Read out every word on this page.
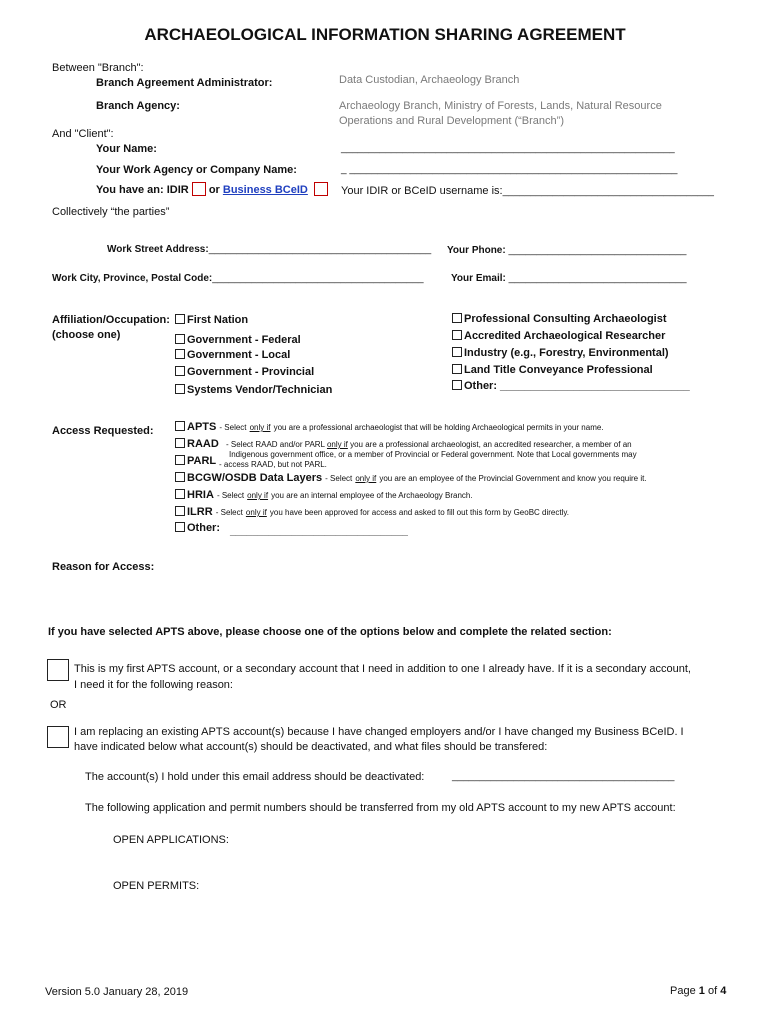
ARCHAEOLOGICAL INFORMATION SHARING AGREEMENT
Between "Branch":
Branch Agreement Administrator:	Data Custodian, Archaeology Branch
Branch Agency:	Archaeology Branch, Ministry of Forests, Lands, Natural Resource
Operations and Rural Development (“Branch”)
And "Client":
Your Name:	____________________________________________________________
Your Work Agency or Company Name:	_ ___________________________________________________________
You have an: IDIR or Business BCeID	Your IDIR or BCeID username is:______________________________________
Collectively “the parties”
Work Street Address:________________________________________ Your Phone: ________________________________
Work City, Province, Postal Code:______________________________________	Your Email: ________________________________
Affiliation/Occupation:
(choose one)
First Nation
Government - Federal
Government - Local
Government - Provincial
Systems Vendor/Technician
Professional Consulting Archaeologist
Accredited Archaeological Researcher
Industry (e.g., Forestry, Environmental)
Land Title Conveyance Professional
Other: _______________________________
Access Requested:	APTS - Select only if you are a professional archaeologist that will be holding Archaeological permits in your name.
RAAD - Select RAAD and/or PARL only if you are a professional archaeologist, an accredited researcher, a member of an
Indigenous government office, or a member of Provincial or Federal government. Note that Local governments may
PARL - access RAAD, but not PARL.
BCGW/OSDB Data Layers - Select only if you are an employee of the Provincial Government and know you require it.
HRIA - Select only if you are an internal employee of the Archaeology Branch.
ILRR - Select only if you have been approved for access and asked to fill out this form by GeoBC directly.
Other: ________________________________
Reason for Access:
If you have selected APTS above, please choose one of the options below and complete the related section:
This is my first APTS account, or a secondary account that I need in addition to one I already have. If it is a secondary account,
I need it for the following reason:
OR
I am replacing an existing APTS account(s) because I have changed employers and/or I have changed my Business BCeID. I
have indicated below what account(s) should be deactivated, and what files should be transfered:
The account(s) I hold under this email address should be deactivated:	________________________________________
The following application and permit numbers should be transferred from my old APTS account to my new APTS account:
OPEN APPLICATIONS:
OPEN PERMITS:
Version 5.0 January 28, 2019	Page 1 of 4
